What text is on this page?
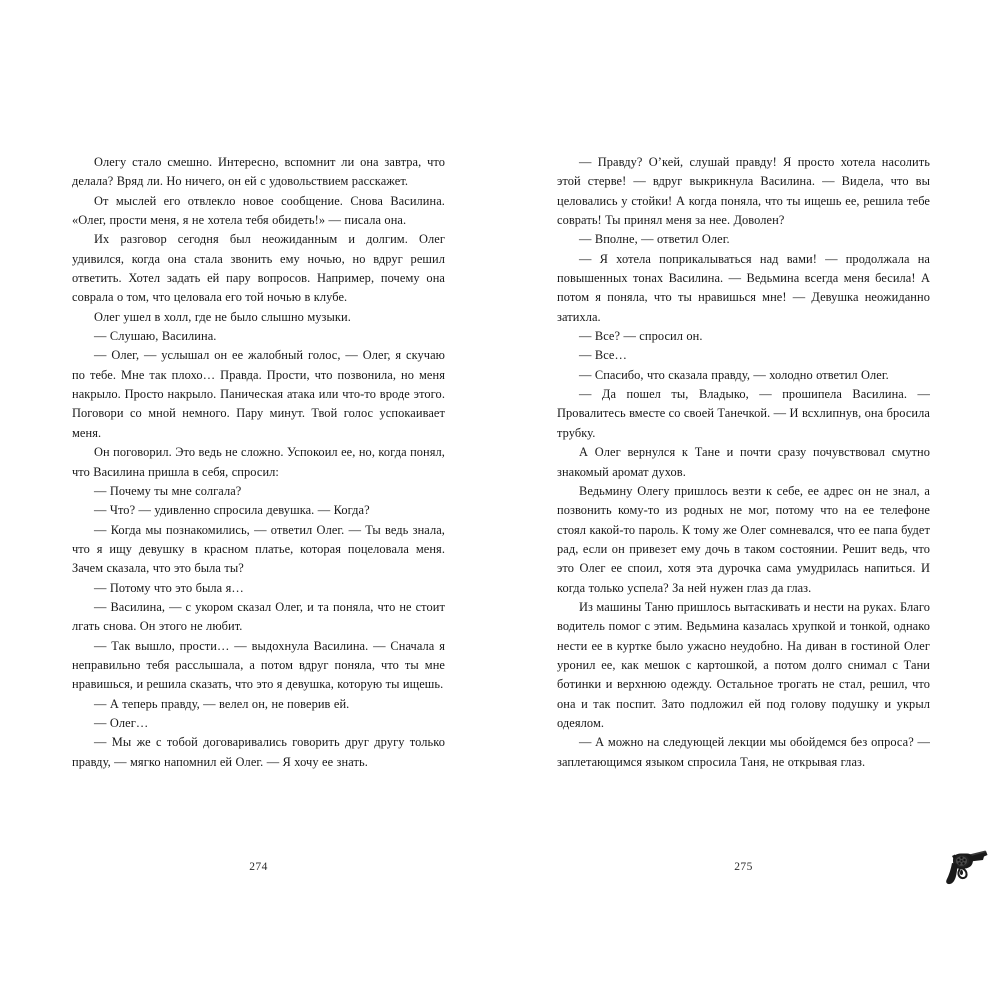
Олегу стало смешно. Интересно, вспомнит ли она завтра, что делала? Вряд ли. Но ничего, он ей с удовольствием расскажет.

От мыслей его отвлекло новое сообщение. Снова Василина. «Олег, прости меня, я не хотела тебя обидеть!» — писала она.

Их разговор сегодня был неожиданным и долгим. Олег удивился, когда она стала звонить ему ночью, но вдруг решил ответить. Хотел задать ей пару вопросов. Например, почему она соврала о том, что целовала его той ночью в клубе.

Олег ушел в холл, где не было слышно музыки.

— Слушаю, Василина.

— Олег, — услышал он ее жалобный голос, — Олег, я скучаю по тебе. Мне так плохо… Правда. Прости, что позвонила, но меня накрыло. Просто накрыло. Паническая атака или что-то вроде этого. Поговори со мной немного. Пару минут. Твой голос успокаивает меня.

Он поговорил. Это ведь не сложно. Успокоил ее, но, когда понял, что Василина пришла в себя, спросил:

— Почему ты мне солгала?

— Что? — удивленно спросила девушка. — Когда?

— Когда мы познакомились, — ответил Олег. — Ты ведь знала, что я ищу девушку в красном платье, которая поцеловала меня. Зачем сказала, что это была ты?

— Потому что это была я…

— Василина, — с укором сказал Олег, и та поняла, что не стоит лгать снова. Он этого не любит.

— Так вышло, прости… — выдохнула Василина. — Сначала я неправильно тебя расслышала, а потом вдруг поняла, что ты мне нравишься, и решила сказать, что это я девушка, которую ты ищешь.

— А теперь правду, — велел он, не поверив ей.

— Олег…

— Мы же с тобой договаривались говорить друг другу только правду, — мягко напомнил ей Олег. — Я хочу ее знать.

274

— Правду? О’кей, слушай правду! Я просто хотела насолить этой стерве! — вдруг выкрикнула Василина. — Видела, что вы целовались у стойки! А когда поняла, что ты ищешь ее, решила тебе соврать! Ты принял меня за нее. Доволен?

— Вполне, — ответил Олег.

— Я хотела поприкалываться над вами! — продолжала на повышенных тонах Василина. — Ведьмина всегда меня бесила! А потом я поняла, что ты нравишься мне! — Девушка неожиданно затихла.

— Все? — спросил он.

— Все…

— Спасибо, что сказала правду, — холодно ответил Олег.

— Да пошел ты, Владыко, — прошипела Василина. — Провалитесь вместе со своей Танечкой. — И всхлипнув, она бросила трубку.

А Олег вернулся к Тане и почти сразу почувствовал смутно знакомый аромат духов.

Ведьмину Олегу пришлось везти к себе, ее адрес он не знал, а позвонить кому-то из родных не мог, потому что на ее телефоне стоял какой-то пароль. К тому же Олег сомневался, что ее папа будет рад, если он привезет ему дочь в таком состоянии. Решит ведь, что это Олег ее споил, хотя эта дурочка сама умудрилась напиться. И когда только успела? За ней нужен глаз да глаз.

Из машины Таню пришлось вытаскивать и нести на руках. Благо водитель помог с этим. Ведьмина казалась хрупкой и тонкой, однако нести ее в куртке было ужасно неудобно. На диван в гостиной Олег уронил ее, как мешок с картошкой, а потом долго снимал с Тани ботинки и верхнюю одежду. Остальное трогать не стал, решил, что она и так поспит. Зато подложил ей под голову подушку и укрыл одеялом.

— А можно на следующей лекции мы обойдемся без опроса? — заплетающимся языком спросила Таня, не открывая глаз.

275
